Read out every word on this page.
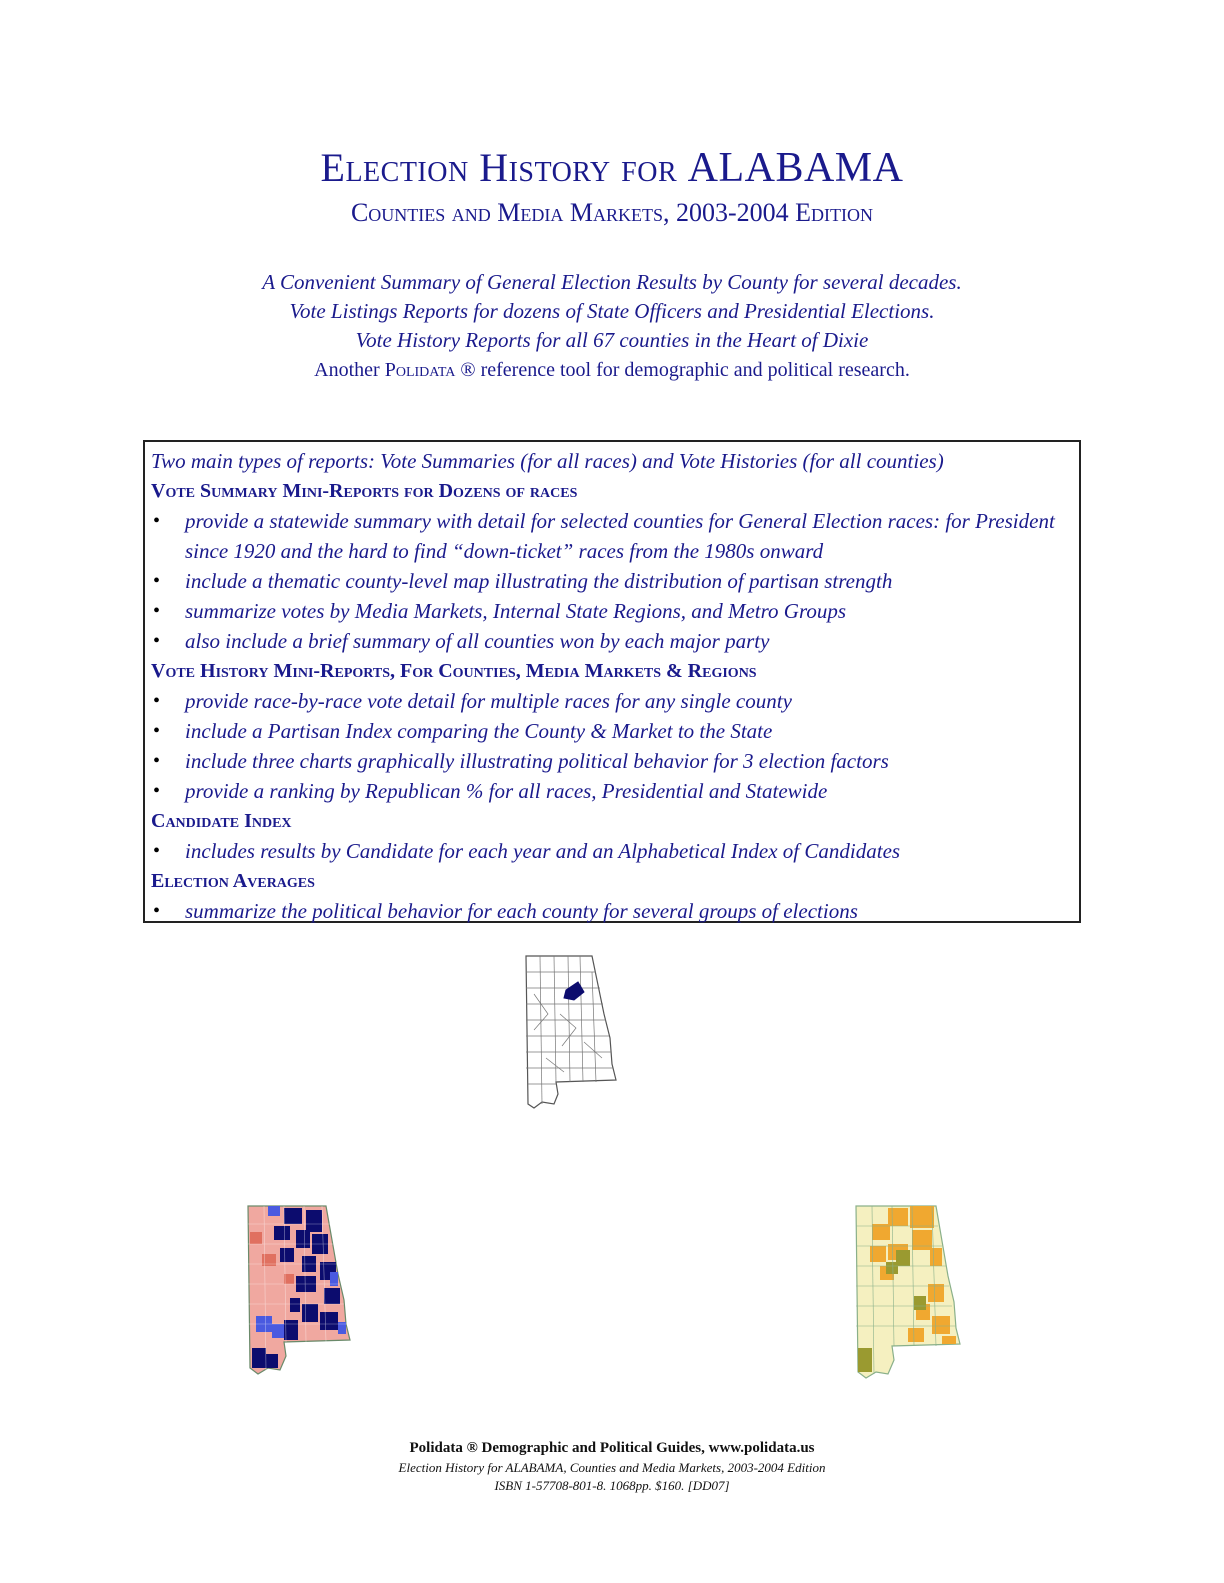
Election History for ALABAMA
Counties and Media Markets, 2003-2004 Edition
A Convenient Summary of General Election Results by County for several decades.
Vote Listings Reports for dozens of State Officers and Presidential Elections.
Vote History Reports for all 67 counties in the Heart of Dixie
Another Polidata ® reference tool for demographic and political research.
Two main types of reports: Vote Summaries (for all races) and Vote Histories (for all counties)
Vote Summary Mini-Reports for Dozens of races
• provide a statewide summary with detail for selected counties for General Election races: for President since 1920 and the hard to find “down-ticket” races from the 1980s onward
• include a thematic county-level map illustrating the distribution of partisan strength
• summarize votes by Media Markets, Internal State Regions, and Metro Groups
• also include a brief summary of all counties won by each major party
Vote History Mini-Reports, For Counties, Media Markets & Regions
• provide race-by-race vote detail for multiple races for any single county
• include a Partisan Index comparing the County & Market to the State
• include three charts graphically illustrating political behavior for 3 election factors
• provide a ranking by Republican % for all races, Presidential and Statewide
Candidate Index
• includes results by Candidate for each year and an Alphabetical Index of Candidates
Election Averages
• summarize the political behavior for each county for several groups of elections
Polidata ® Demographic and Political Guides, www.polidata.us
Election History for ALABAMA, Counties and Media Markets, 2003-2004 Edition
ISBN 1-57708-801-8. 1068pp. $160. [DD07]
